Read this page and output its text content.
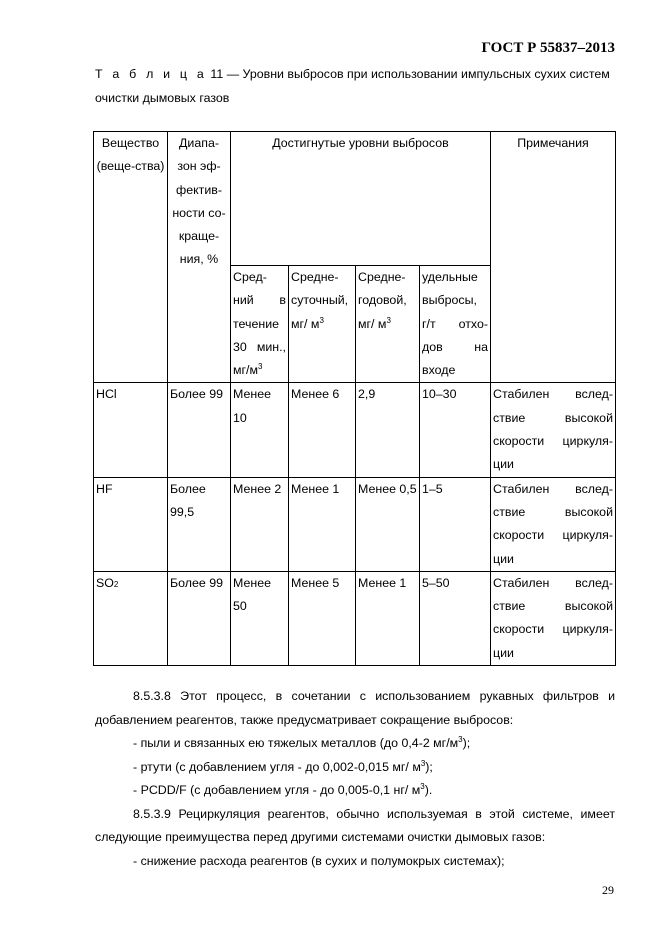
ГОСТ Р 55837–2013
Т а б л и ц а 11 — Уровни выбросов при использовании импульсных сухих систем очистки дымовых газов
Вещество (веще-ства)	Диапа-зон эф-фектив-ности со-краще-ния, %	Достигнутые уровни выбросов				Примечания
		Сред-ний в течение 30 мин., $мг/м^3$	Средне-суточный, мг/ $м^3$	Средне-годовой, мг/ $м^3$	удельные выбросы, г/т отхо-дов на входе	
HCl	Более 99	Менее 10	Менее 6	2,9	10–30	Стабилен вслед-ствие высокой скорости циркуля-ции
HF	Более 99,5	Менее 2	Менее 1	Менее 0,5	1–5	Стабилен вслед-ствие высокой скорости циркуля-ции
SO2	Более 99	Менее 50	Менее 5	Менее 1	5–50	Стабилен вслед-ствие высокой скорости циркуля-ции
8.5.3.8 Этот процесс, в сочетании с использованием рукавных фильтров и добавлением реагентов, также предусматривает сокращение выбросов:
- пыли и связанных ею тяжелых металлов (до 0,4-2 $мг/м^3$);
- ртути (с добавлением угля - до 0,002-0,015 мг/ $м^3$);
- PCDD/F (с добавлением угля - до 0,005-0,1 нг/ $м^3$).
8.5.3.9 Рециркуляция реагентов, обычно используемая в этой системе, имеет следующие преимущества перед другими системами очистки дымовых газов:
- снижение расхода реагентов (в сухих и полумокрых системах);
29
